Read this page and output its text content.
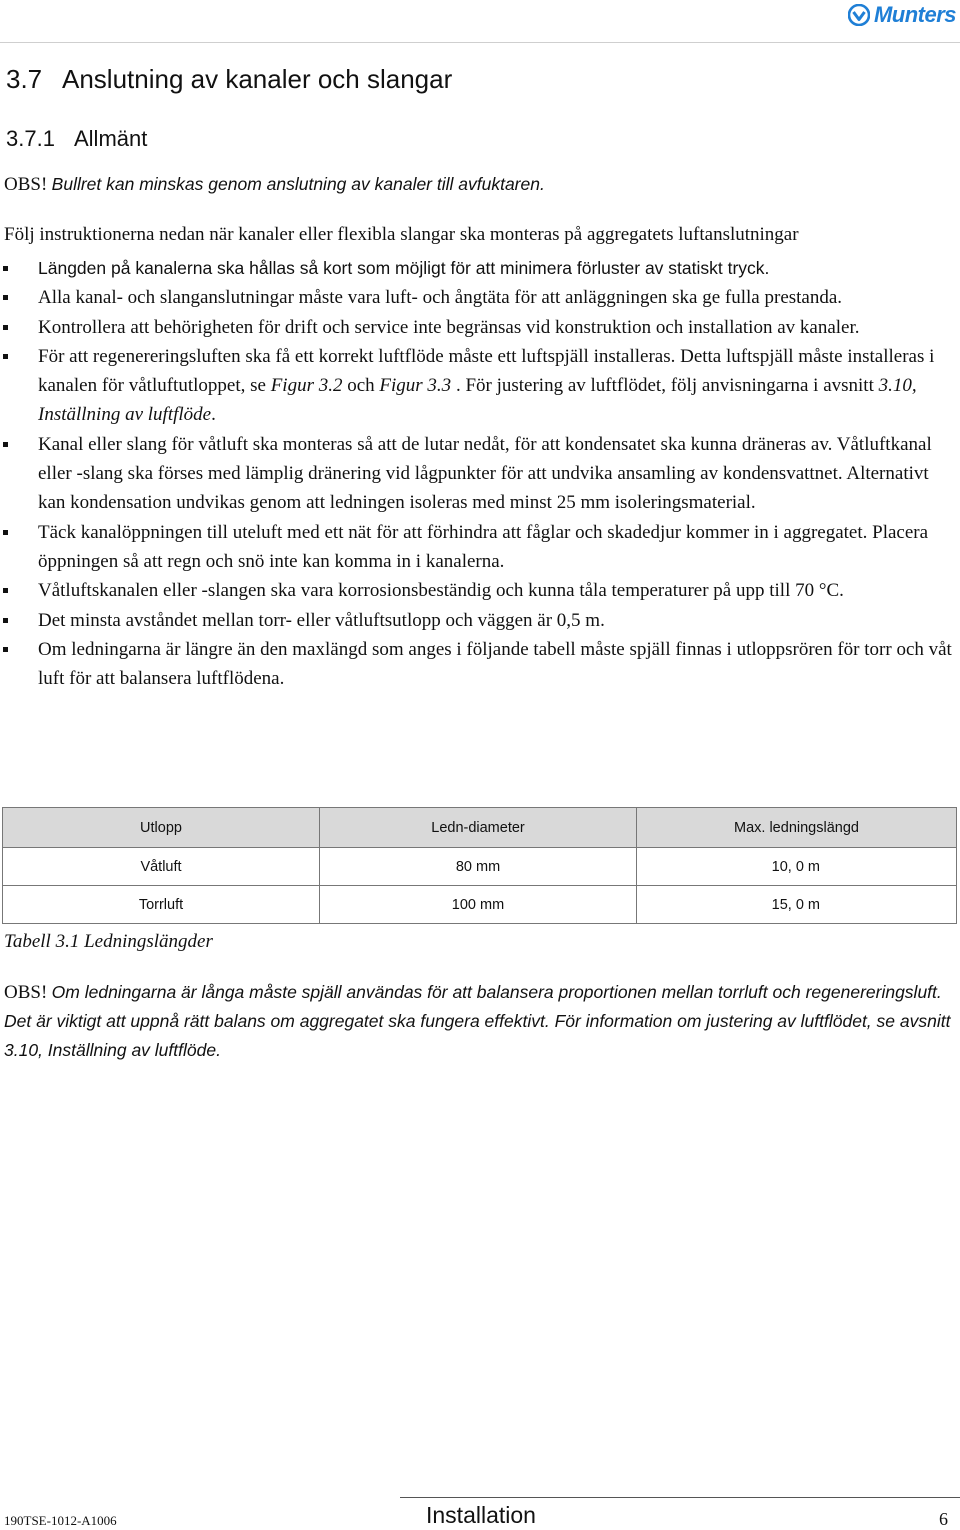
Munters
3.7 Anslutning av kanaler och slangar
3.7.1 Allmänt
OBS! Bullret kan minskas genom anslutning av kanaler till avfuktaren.
Följ instruktionerna nedan när kanaler eller flexibla slangar ska monteras på aggregatets luftanslutningar
Längden på kanalerna ska hållas så kort som möjligt för att minimera förluster av statiskt tryck.
Alla kanal- och slanganslutningar måste vara luft- och ångtäta för att anläggningen ska ge fulla prestanda.
Kontrollera att behörigheten för drift och service inte begränsas vid konstruktion och installation av kanaler.
För att regenereringsluften ska få ett korrekt luftflöde måste ett luftspjäll installeras. Detta luftspjäll måste installeras i kanalen för våtluftutloppet, se Figur 3.2 och Figur 3.3 . För justering av luftflödet, följ anvisningarna i avsnitt 3.10, Inställning av luftflöde.
Kanal eller slang för våtluft ska monteras så att de lutar nedåt, för att kondensatet ska kunna dräneras av. Våtluftkanal eller -slang ska förses med lämplig dränering vid lågpunkter för att undvika ansamling av kondensvattnet. Alternativt kan kondensation undvikas genom att ledningen isoleras med minst 25 mm isoleringsmaterial.
Täck kanalöppningen till uteluft med ett nät för att förhindra att fåglar och skadedjur kommer in i aggregatet. Placera öppningen så att regn och snö inte kan komma in i kanalerna.
Våtluftskanalen eller -slangen ska vara korrosionsbeständig och kunna tåla temperaturer på upp till 70 °C.
Det minsta avståndet mellan torr- eller våtluftsutlopp och väggen är 0,5 m.
Om ledningarna är längre än den maxlängd som anges i följande tabell måste spjäll finnas i utloppsrören för torr och våt luft för att balansera luftflödena.
Utlopp	Ledn-diameter	Max. ledningslängd
Våtluft	80 mm	10, 0 m
Torrluft	100 mm	15, 0 m
Tabell 3.1 Ledningslängder
OBS! Om ledningarna är långa måste spjäll användas för att balansera proportionen mellan torrluft och regenereringsluft. Det är viktigt att uppnå rätt balans om aggregatet ska fungera effektivt. För information om justering av luftflödet, se avsnitt 3.10, Inställning av luftflöde.
190TSE-1012-A1006	Installation	6
